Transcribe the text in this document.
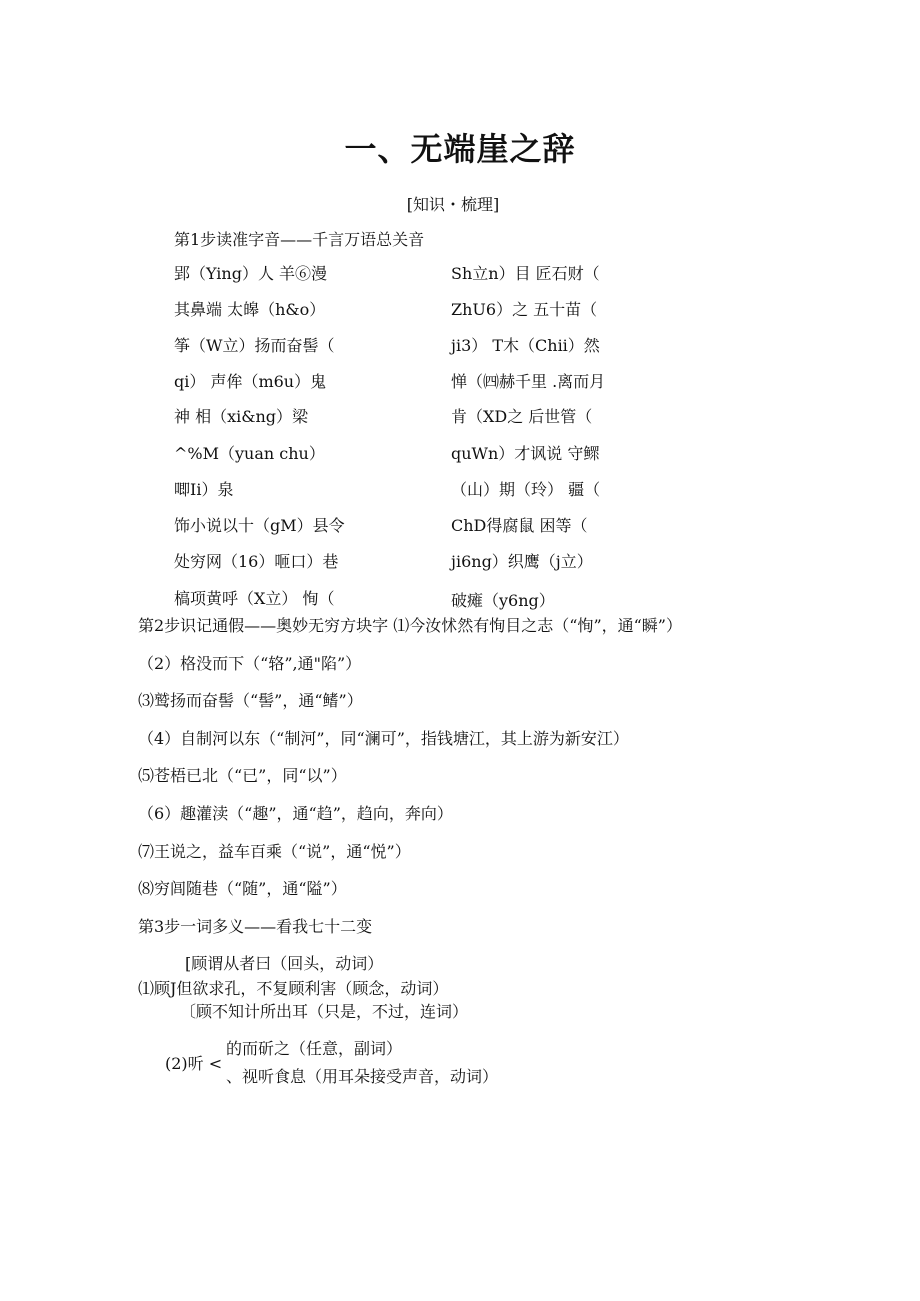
一、无端崖之辞
[知识・梳理]
第1步读准字音——千言万语总关音
郢（Ying）人 羊⑥漫
其鼻端 太皞（h&o）
筝（W立）扬而奋髻（
qi） 声侔（m6u）鬼
神 相（xi&ng）梁
^%M（yuan chu）
唧Ii）泉
饰小说以十（gM）县令
处穷网（16）咂口）巷
槁项黄呼（X立） 恂（
Sh立n）目 匠石财（
ZhU6）之 五十苗（
ji3） T木（Chii）然
惮（㈣赫千里 .离而月
肯（XD之 后世管（
quWn）才讽说 守鳏
（山）期（玲） 疆（
ChD得腐鼠 困等（
ji6ng）织鹰（j立）
破瘫（y6ng）
第2步识记通假——奥妙无穷方块字 ⑴今汝怵然有恂目之志（“恂”，通“瞬”）
（2）格没而下（“辂”,通"陷”）
⑶鹫扬而奋髻（“髻”，通“鳍”）
（4）自制河以东（“制河”，同“澜可”，指钱塘江，其上游为新安江）
⑸苍梧已北（“已”，同“以”）
（6）趣灌渎（“趣”，通“趋”，趋向，奔向）
⑺王说之，益车百乘（“说”，通“悦”）
⑻穷闾随巷（“随”，通“隘”）
第3步一词多义——看我七十二变
[顾谓从者曰（回头，动词）
⑴顾J但欲求孔，不复顾利害（顾念，动词）
〔顾不知计所出耳（只是，不过，连词）
(2)听 <
的而斫之（任意，副词）
、视听食息（用耳朵接受声音，动词）
